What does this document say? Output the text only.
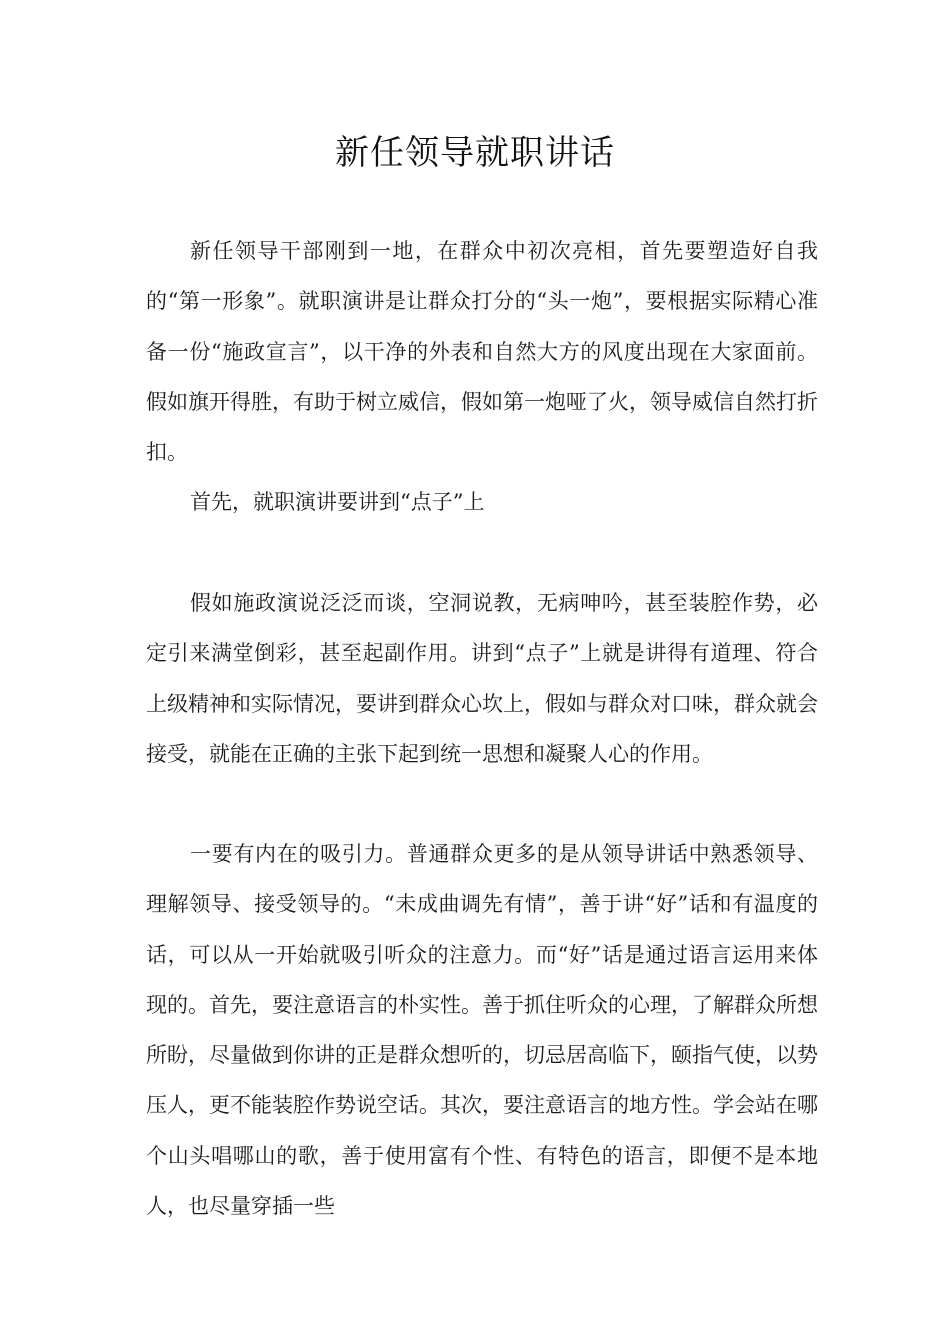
新任领导就职讲话

新任领导干部刚到一地，在群众中初次亮相，首先要塑造好自我的“第一形象”。就职演讲是让群众打分的“头一炮”，要根据实际精心准备一份“施政宣言”，以干净的外表和自然大方的风度出现在大家面前。假如旗开得胜，有助于树立威信，假如第一炮哑了火，领导威信自然打折扣。

首先，就职演讲要讲到“点子”上

假如施政演说泛泛而谈，空洞说教，无病呻吟，甚至装腔作势，必定引来满堂倒彩，甚至起副作用。讲到“点子”上就是讲得有道理、符合上级精神和实际情况，要讲到群众心坎上，假如与群众对口味，群众就会接受，就能在正确的主张下起到统一思想和凝聚人心的作用。

一要有内在的吸引力。普通群众更多的是从领导讲话中熟悉领导、理解领导、接受领导的。“未成曲调先有情”，善于讲“好”话和有温度的话，可以从一开始就吸引听众的注意力。而“好”话是通过语言运用来体现的。首先，要注意语言的朴实性。善于抓住听众的心理，了解群众所想所盼，尽量做到你讲的正是群众想听的，切忌居高临下，颐指气使，以势压人，更不能装腔作势说空话。其次，要注意语言的地方性。学会站在哪个山头唱哪山的歌，善于使用富有个性、有特色的语言，即便不是本地人，也尽量穿插一些
